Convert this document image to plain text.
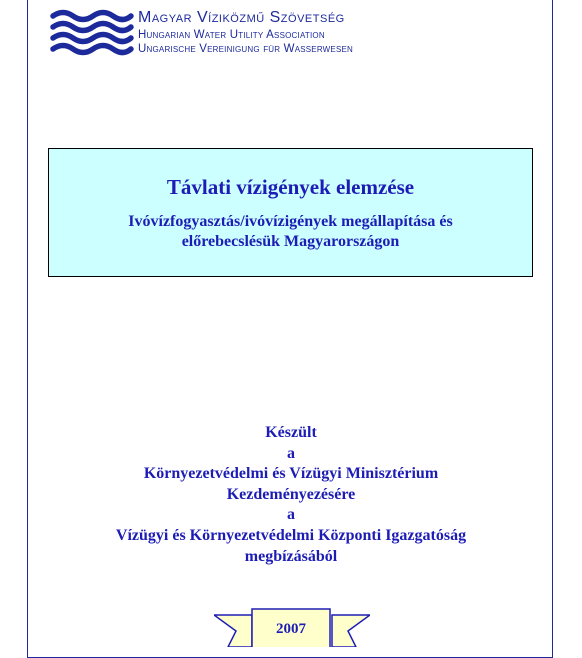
Magyar Víziközmű Szövetség
Hungarian Water Utility Association
Ungarische Vereinigung für Wasserwesen
Távlati vízigények elemzése
Ivóvízfogyasztás/ivóvízigények megállapítása és előrebecslésük Magyarországon
Készült
a
Környezetvédelmi és Vízügyi Minisztérium
Kezdeményezésére
a
Vízügyi és Környezetvédelmi Központi Igazgatóság
megbízásából
2007
